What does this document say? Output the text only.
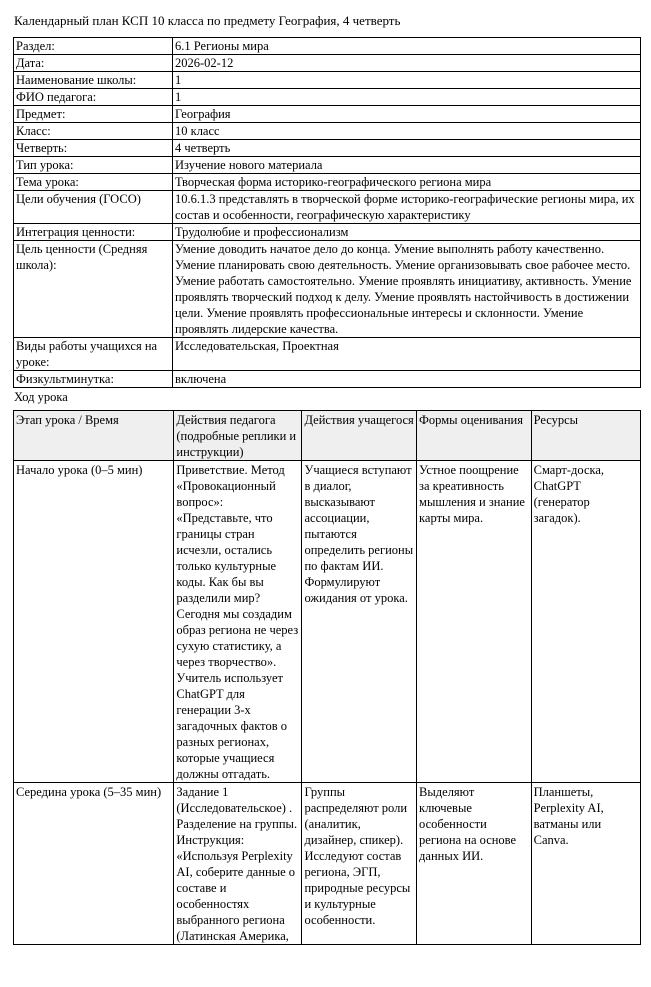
Календарный план КСП 10 класса по предмету География, 4 четверть
Раздел:	6.1 Регионы мира
Дата:	2026-02-12
Наименование школы:	1
ФИО педагога:	1
Предмет:	География
Класс:	10 класс
Четверть:	4 четверть
Тип урока:	Изучение нового материала
Тема урока:	Творческая форма историко-географического региона мира
Цели обучения (ГОСО)	10.6.1.3 представлять в творческой форме историко-географические регионы мира, их состав и особенности, географическую характеристику
Интеграция ценности:	Трудолюбие и профессионализм
Цель ценности (Средняя школа):	Умение доводить начатое дело до конца. Умение выполнять работу качественно. Умение планировать свою деятельность. Умение организовывать свое рабочее место. Умение работать самостоятельно. Умение проявлять инициативу, активность. Умение проявлять творческий подход к делу. Умение проявлять настойчивость в достижении цели. Умение проявлять профессиональные интересы и склонности. Умение проявлять лидерские качества.
Виды работы учащихся на уроке:	Исследовательская, Проектная
Физкультминутка:	включена
Ход урока
Этап урока / Время	Действия педагога (подробные реплики и инструкции)	Действия учащегося	Формы оценивания	Ресурсы
Начало урока (0–5 мин)	Приветствие. Метод «Провокационный вопрос»: «Представьте, что границы стран исчезли, остались только культурные коды. Как бы вы разделили мир? Сегодня мы создадим образ региона не через сухую статистику, а через творчество». Учитель использует ChatGPT для генерации 3-х загадочных фактов о разных регионах, которые учащиеся должны отгадать.	Учащиеся вступают в диалог, высказывают ассоциации, пытаются определить регионы по фактам ИИ. Формулируют ожидания от урока.	Устное поощрение за креативность мышления и знание карты мира.	Смарт-доска, ChatGPT (генератор загадок).
Середина урока (5–35 мин)	Задание 1 (Исследовательское) . Разделение на группы. Инструкция: «Используя Perplexity AI, соберите данные о составе и особенностях выбранного региона (Латинская Америка,	Группы распределяют роли (аналитик, дизайнер, спикер). Исследуют состав региона, ЭГП, природные ресурсы и культурные особенности.	Выделяют ключевые особенности региона на основе данных ИИ.	Планшеты, Perplexity AI, ватманы или Canva.
